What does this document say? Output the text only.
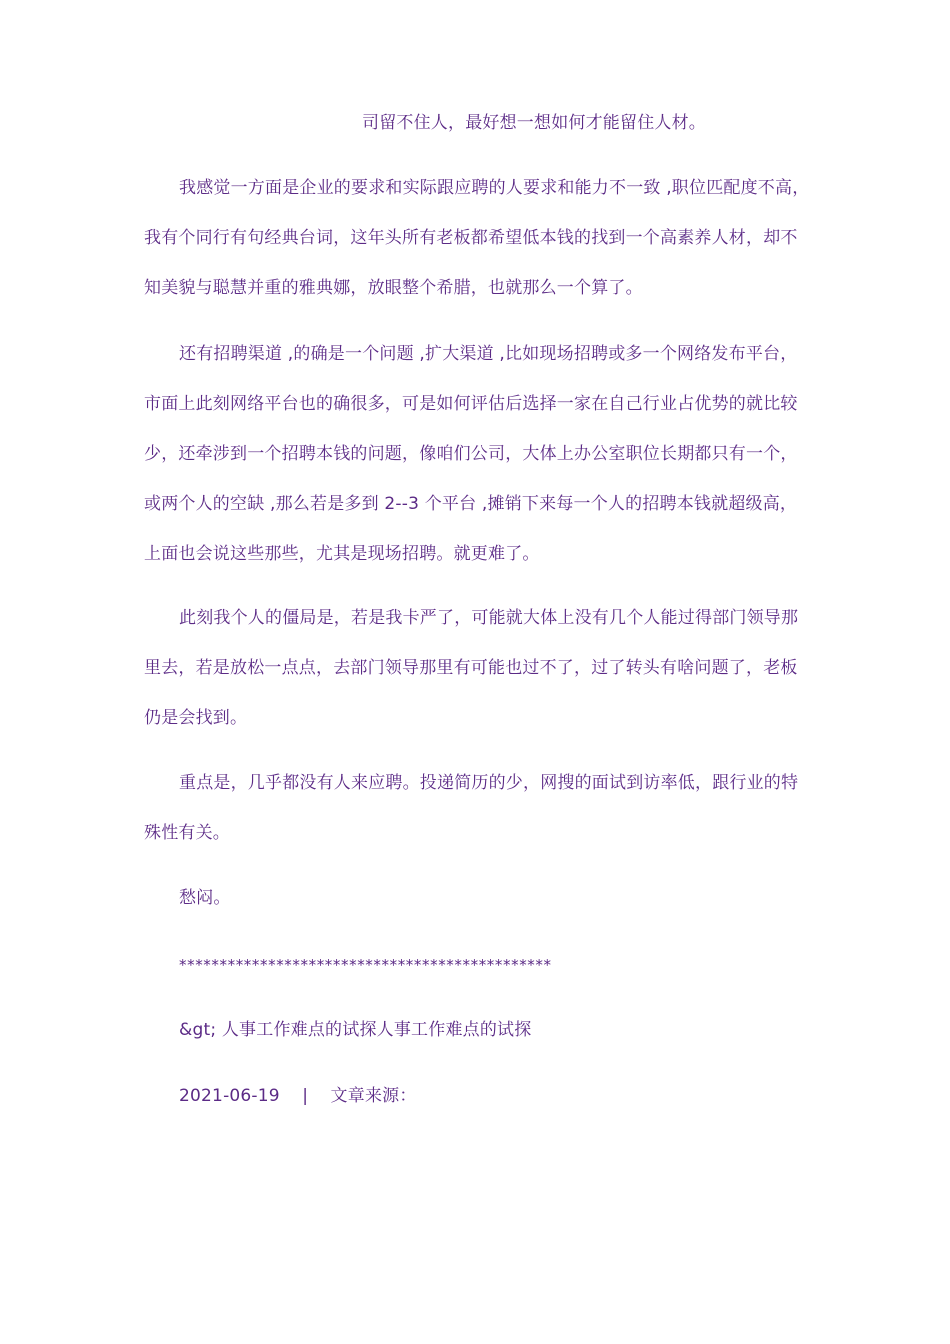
司留不住人，最好想一想如何才能留住人材。
我感觉一方面是企业的要求和实际跟应聘的人要求和能力不一致 ,职位匹配度不高，
我有个同行有句经典台词，这年头所有老板都希望低本钱的找到一个高素养人材，却不
知美貌与聪慧并重的雅典娜，放眼整个希腊，也就那么一个算了。
还有招聘渠道 ,的确是一个问题 ,扩大渠道 ,比如现场招聘或多一个网络发布平台，
市面上此刻网络平台也的确很多，可是如何评估后选择一家在自己行业占优势的就比较
少，还牵涉到一个招聘本钱的问题，像咱们公司，大体上办公室职位长期都只有一个，
或两个人的空缺 ,那么若是多到 2--3 个平台 ,摊销下来每一个人的招聘本钱就超级高，
上面也会说这些那些，尤其是现场招聘。就更难了。
此刻我个人的僵局是，若是我卡严了，可能就大体上没有几个人能过得部门领导那
里去，若是放松一点点，去部门领导那里有可能也过不了，过了转头有啥问题了，老板
仍是会找到。
重点是，几乎都没有人来应聘。投递简历的少，网搜的面试到访率低，跟行业的特
殊性有关。
愁闷。
**********************************************
&gt; 人事工作难点的试探人事工作难点的试探
2021-06-19    |    文章来源：
